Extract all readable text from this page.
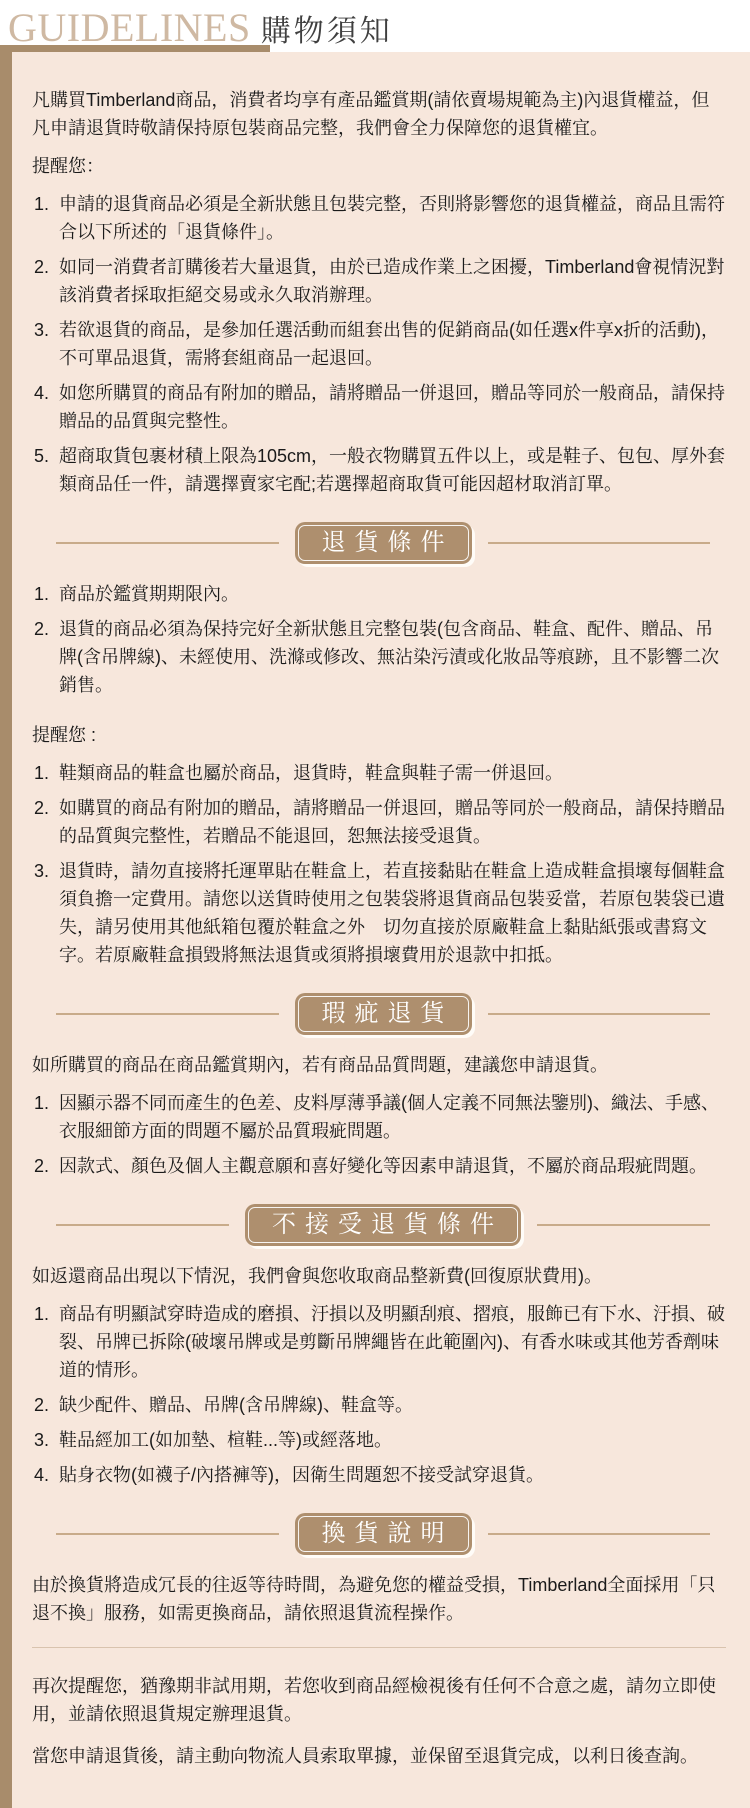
GUIDELINES 購物須知

凡購買Timberland商品，消費者均享有產品鑑賞期(請依賣場規範為主)內退貨權益，但凡申請退貨時敬請保持原包裝商品完整，我們會全力保障您的退貨權宜。

提醒您：

申請的退貨商品必須是全新狀態且包裝完整，否則將影響您的退貨權益，商品且需符合以下所述的「退貨條件」。
如同一消費者訂購後若大量退貨，由於已造成作業上之困擾，Timberland會視情況對該消費者採取拒絕交易或永久取消辦理。
若欲退貨的商品，是參加任選活動而組套出售的促銷商品(如任選x件享x折的活動)，不可單品退貨，需將套組商品一起退回。
如您所購買的商品有附加的贈品，請將贈品一併退回，贈品等同於一般商品，請保持贈品的品質與完整性。
超商取貨包裹材積上限為105cm，一般衣物購買五件以上，或是鞋子、包包、厚外套類商品任一件，請選擇賣家宅配;若選擇超商取貨可能因超材取消訂單。
退貨條件
商品於鑑賞期期限內。
退貨的商品必須為保持完好全新狀態且完整包裝(包含商品、鞋盒、配件、贈品、吊牌(含吊牌線)、未經使用、洗滌或修改、無沾染污漬或化妝品等痕跡，且不影響二次銷售。

提醒您 :

鞋類商品的鞋盒也屬於商品，退貨時，鞋盒與鞋子需一併退回。
如購買的商品有附加的贈品，請將贈品一併退回，贈品等同於一般商品，請保持贈品的品質與完整性，若贈品不能退回，恕無法接受退貨。
退貨時，請勿直接將托運單貼在鞋盒上，若直接黏貼在鞋盒上造成鞋盒損壞每個鞋盒須負擔一定費用。請您以送貨時使用之包裝袋將退貨商品包裝妥當，若原包裝袋已遺失，請另使用其他紙箱包覆於鞋盒之外　切勿直接於原廠鞋盒上黏貼紙張或書寫文字。若原廠鞋盒損毀將無法退貨或須將損壞費用於退款中扣抵。
瑕疵退貨

如所購買的商品在商品鑑賞期內，若有商品品質問題，建議您申請退貨。

因顯示器不同而產生的色差、皮料厚薄爭議(個人定義不同無法鑒別)、織法、手感、衣服細節方面的問題不屬於品質瑕疵問題。
因款式、顏色及個人主觀意願和喜好變化等因素申請退貨，不屬於商品瑕疵問題。
不接受退貨條件

如返還商品出現以下情況，我們會與您收取商品整新費(回復原狀費用)。

商品有明顯試穿時造成的磨損、汙損以及明顯刮痕、摺痕，服飾已有下水、汙損、破裂、吊牌已拆除(破壞吊牌或是剪斷吊牌繩皆在此範圍內)、有香水味或其他芳香劑味道的情形。
缺少配件、贈品、吊牌(含吊牌線)、鞋盒等。
鞋品經加工(如加墊、楦鞋...等)或經落地。
貼身衣物(如襪子/內搭褲等)，因衛生問題恕不接受試穿退貨。
換貨說明

由於換貨將造成冗長的往返等待時間，為避免您的權益受損，Timberland全面採用「只退不換」服務，如需更換商品，請依照退貨流程操作。

再次提醒您，猶豫期非試用期，若您收到商品經檢視後有任何不合意之處，請勿立即使用，並請依照退貨規定辦理退貨。

當您申請退貨後，請主動向物流人員索取單據，並保留至退貨完成，以利日後查詢。
